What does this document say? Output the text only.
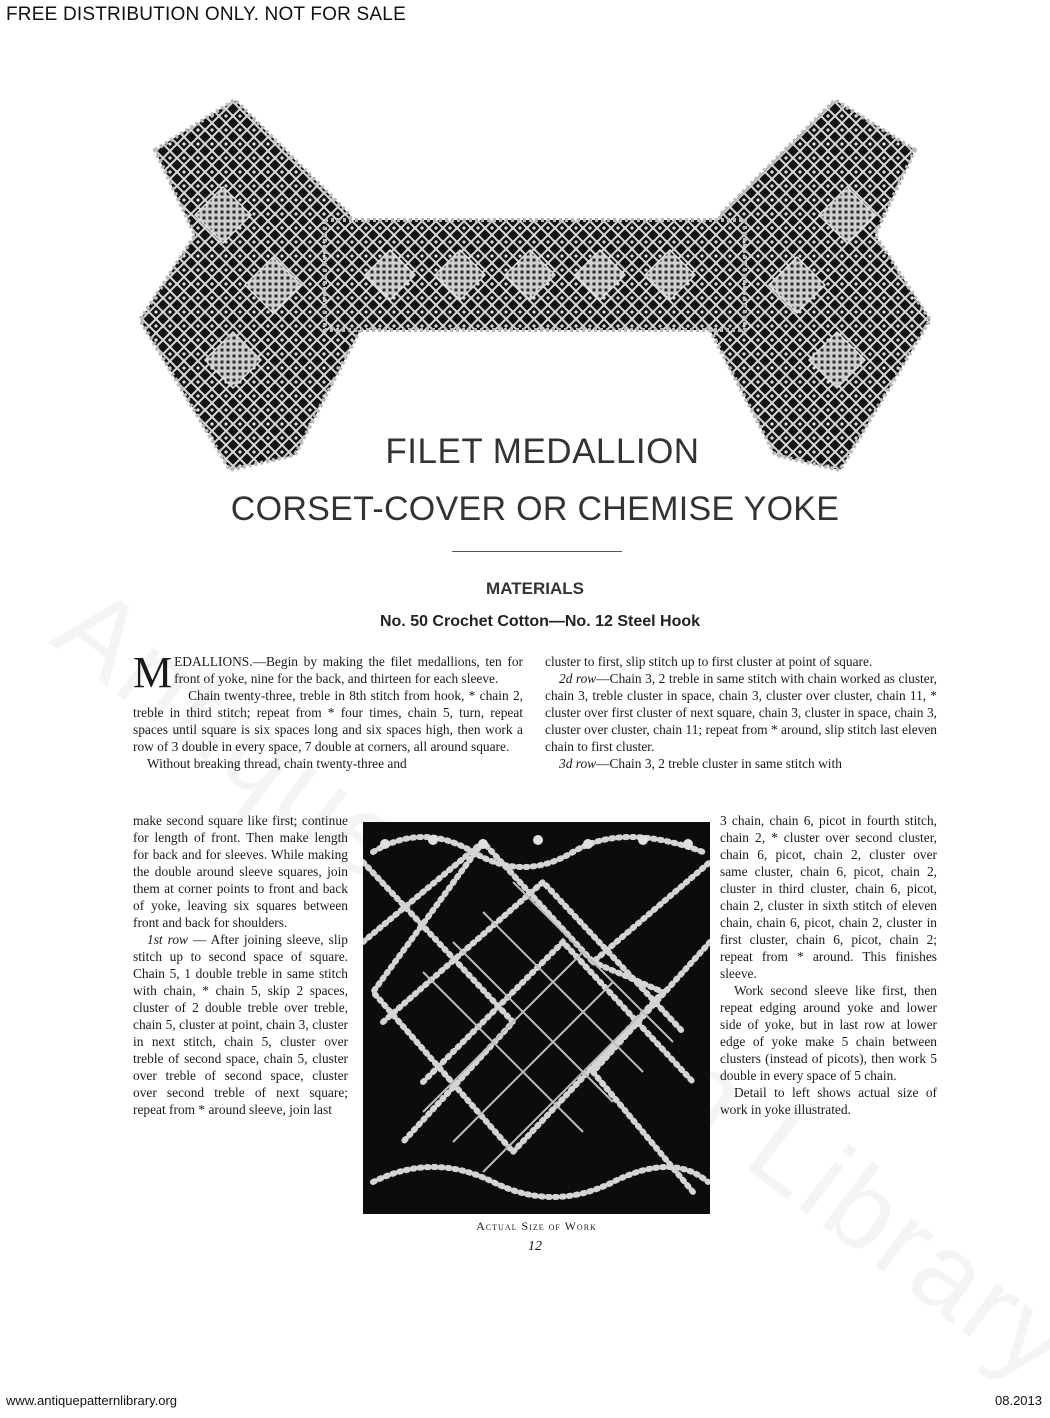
FREE DISTRIBUTION ONLY. NOT FOR SALE
FILET MEDALLION
CORSET-COVER OR CHEMISE YOKE
MATERIALS
No. 50 Crochet Cotton—No. 12 Steel Hook

MEDALLIONS.—Begin by making the filet medallions, ten for front of yoke, nine for the back, and thirteen for each sleeve.

Chain twenty-three, treble in 8th stitch from hook, * chain 2, treble in third stitch; repeat from * four times, chain 5, turn, repeat spaces until square is six spaces long and six spaces high, then work a row of 3 double in every space, 7 double at corners, all around square.

Without breaking thread, chain twenty-three and

make second square like first; continue for length of front. Then make length for back and for sleeves. While making the double around sleeve squares, join them at corner points to front and back of yoke, leaving six squares between front and back for shoulders.

1st row — After joining sleeve, slip stitch up to second space of square. Chain 5, 1 double treble in same stitch with chain, * chain 5, skip 2 spaces, cluster of 2 double treble over treble, chain 5, cluster at point, chain 3, cluster in next stitch, chain 5, cluster over treble of second space, chain 5, cluster over treble of second space, cluster over second treble of next square; repeat from * around sleeve, join last

cluster to first, slip stitch up to first cluster at point of square.

2d row—Chain 3, 2 treble in same stitch with chain worked as cluster, chain 3, treble cluster in space, chain 3, cluster over cluster, chain 11, * cluster over first cluster of next square, chain 3, cluster in space, chain 3, cluster over cluster, chain 11; repeat from * around, slip stitch last eleven chain to first cluster.

3d row—Chain 3, 2 treble cluster in same stitch with

3 chain, chain 6, picot in fourth stitch, chain 2, * cluster over second cluster, chain 6, picot, chain 2, cluster over same cluster, chain 6, picot, chain 2, cluster in third cluster, chain 6, picot, chain 2, cluster in sixth stitch of eleven chain, chain 6, picot, chain 2, cluster in first cluster, chain 6, picot, chain 2; repeat from * around. This finishes sleeve.

Work second sleeve like first, then repeat edging around yoke and lower side of yoke, but in last row at lower edge of yoke make 5 chain between clusters (instead of picots), then work 5 double in every space of 5 chain.

Detail to left shows actual size of work in yoke illustrated.

Actual Size of Work
12
www.antiquepatternlibrary.org	08.2013
